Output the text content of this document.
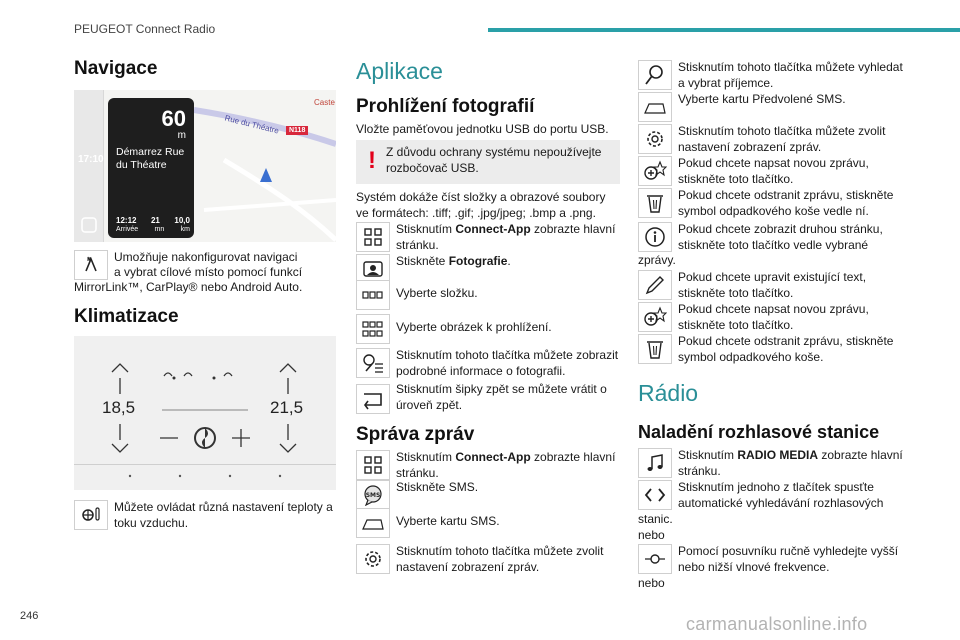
PEUGEOT Connect Radio
Navigace
17:10
60
m
Démarrez Rue du Théatre
12:12 21 10,0
Arrivée mn km
Rue du Théatre	N118
Caste
Umožňuje nakonfigurovat navigaci
a vybrat cílové místo pomocí funkcí
MirrorLink™, CarPlay® nebo Android Auto.
Klimatizace
18,5	21,5
Můžete ovládat různá nastavení teploty a toku vzduchu.
Aplikace
Prohlížení fotografií
Vložte paměťovou jednotku USB do portu USB.
! Z důvodu ochrany systému nepoužívejte rozbočovač USB.
Systém dokáže číst složky a obrazové soubory ve formátech: .tiff; .gif; .jpg/jpeg; .bmp a .png.
Stisknutím Connect-App zobrazte hlavní stránku.
Stiskněte Fotografie.
Vyberte složku.
Vyberte obrázek k prohlížení.
Stisknutím tohoto tlačítka můžete zobrazit podrobné informace o fotografii.
Stisknutím šipky zpět se můžete vrátit o úroveň zpět.
Správa zpráv
Stisknutím Connect-App zobrazte hlavní stránku.
SMS
Stiskněte SMS.
Vyberte kartu SMS.
Stisknutím tohoto tlačítka můžete zvolit nastavení zobrazení zpráv.
Stisknutím tohoto tlačítka můžete vyhledat a vybrat příjemce.
Vyberte kartu Předvolené SMS.
Stisknutím tohoto tlačítka můžete zvolit nastavení zobrazení zpráv.
Pokud chcete napsat novou zprávu, stiskněte toto tlačítko.
Pokud chcete odstranit zprávu, stiskněte symbol odpadkového koše vedle ní.
Pokud chcete zobrazit druhou stránku, stiskněte toto tlačítko vedle vybrané
zprávy.
Pokud chcete upravit existující text, stiskněte toto tlačítko.
Pokud chcete napsat novou zprávu, stiskněte toto tlačítko.
Pokud chcete odstranit zprávu, stiskněte symbol odpadkového koše.
Rádio
Naladění rozhlasové stanice
Stisknutím RADIO MEDIA zobrazte hlavní stránku.
Stisknutím jednoho z tlačítek spusťte automatické vyhledávání rozhlasových
stanic.
nebo
Pomocí posuvníku ručně vyhledejte vyšší nebo nižší vlnové frekvence.
nebo
246	carmanualsonline.info
